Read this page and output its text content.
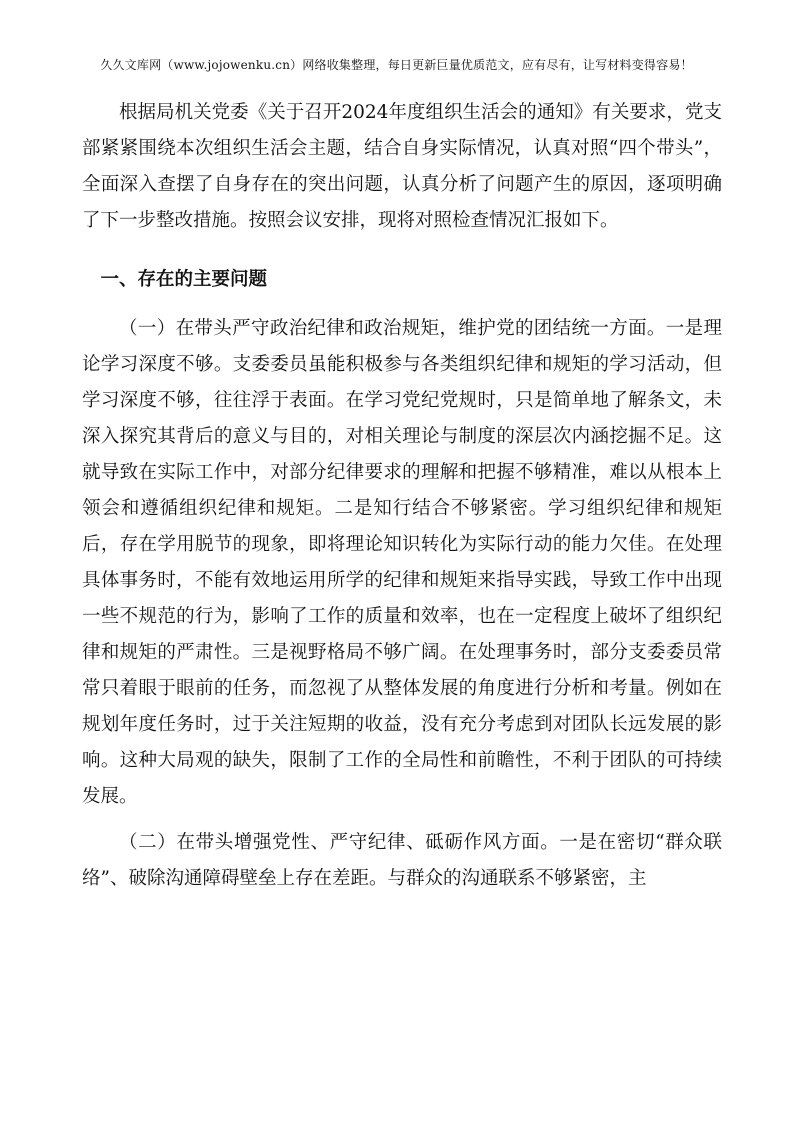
久久文库网（www.jojowenku.cn）网络收集整理，每日更新巨量优质范文，应有尽有，让写材料变得容易！

根据局机关党委《关于召开2024年度组织生活会的通知》有关要求，党支部紧紧围绕本次组织生活会主题，结合自身实际情况，认真对照“四个带头”，全面深入查摆了自身存在的突出问题，认真分析了问题产生的原因，逐项明确了下一步整改措施。按照会议安排，现将对照检查情况汇报如下。

一、存在的主要问题

（一）在带头严守政治纪律和政治规矩，维护党的团结统一方面。一是理论学习深度不够。支委委员虽能积极参与各类组织纪律和规矩的学习活动，但学习深度不够，往往浮于表面。在学习党纪党规时，只是简单地了解条文，未深入探究其背后的意义与目的，对相关理论与制度的深层次内涵挖掘不足。这就导致在实际工作中，对部分纪律要求的理解和把握不够精准，难以从根本上领会和遵循组织纪律和规矩。二是知行结合不够紧密。学习组织纪律和规矩后，存在学用脱节的现象，即将理论知识转化为实际行动的能力欠佳。在处理具体事务时，不能有效地运用所学的纪律和规矩来指导实践，导致工作中出现一些不规范的行为，影响了工作的质量和效率，也在一定程度上破坏了组织纪律和规矩的严肃性。三是视野格局不够广阔。在处理事务时，部分支委委员常常只着眼于眼前的任务，而忽视了从整体发展的角度进行分析和考量。例如在规划年度任务时，过于关注短期的收益，没有充分考虑到对团队长远发展的影响。这种大局观的缺失，限制了工作的全局性和前瞻性，不利于团队的可持续发展。

（二）在带头增强党性、严守纪律、砥砺作风方面。一是在密切“群众联络”、破除沟通障碍壁垒上存在差距。与群众的沟通联系不够紧密，主
